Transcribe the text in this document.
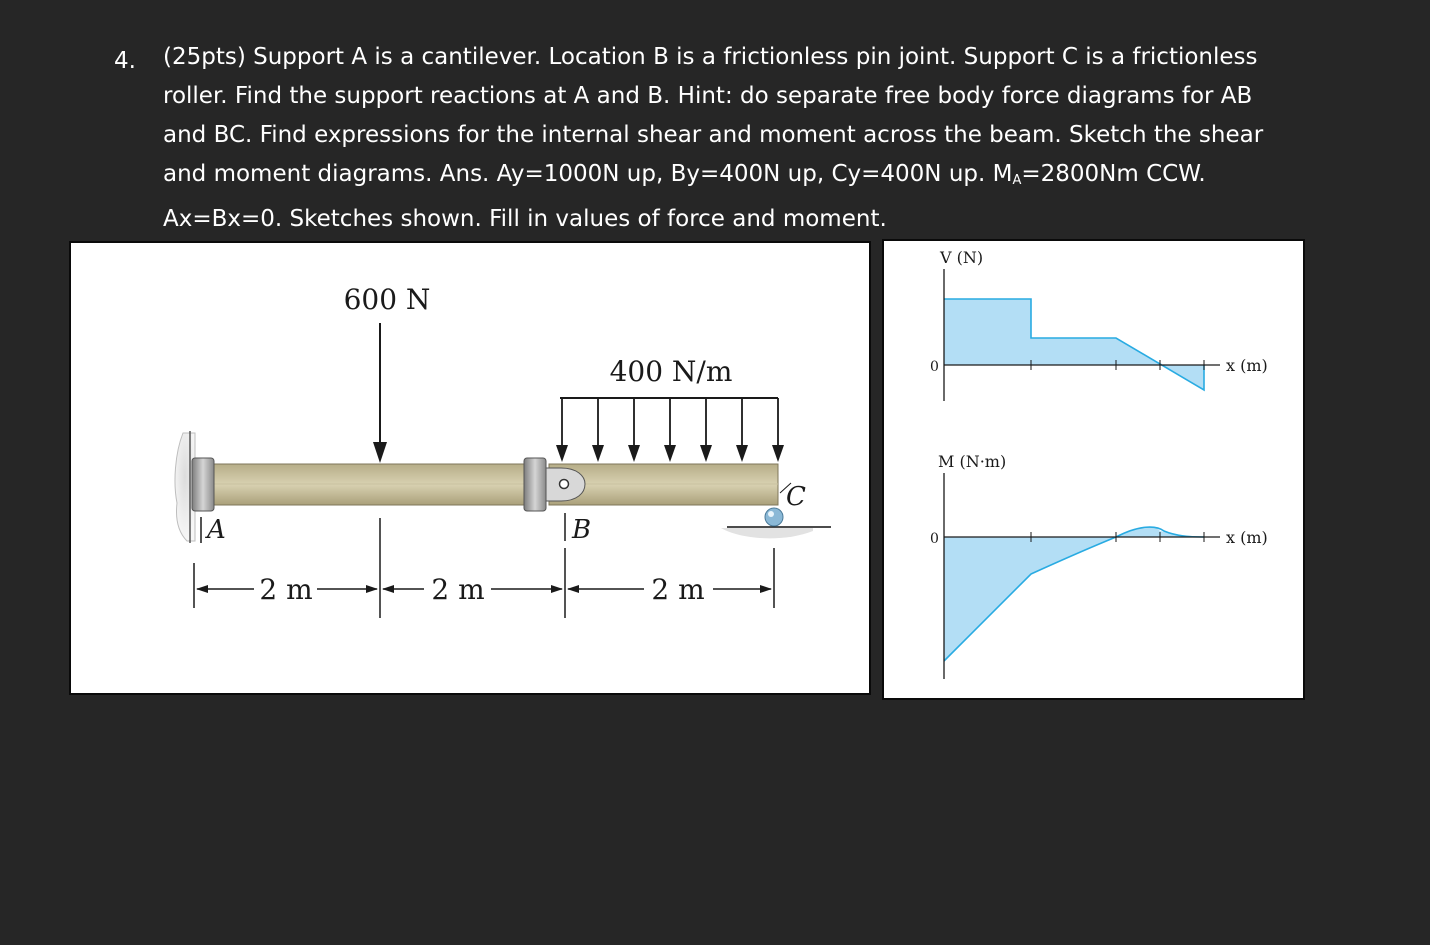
4. (25pts) Support A is a cantilever. Location B is a frictionless pin joint. Support C is a frictionless
roller. Find the support reactions at A and B. Hint: do separate free body force diagrams for AB
and BC. Find expressions for the internal shear and moment across the beam. Sketch the shear
and moment diagrams. Ans. Ay=1000N up, By=400N up, Cy=400N up. $M_A=2800Nm$ CCW.
Ax=Bx=0. Sketches shown. Fill in values of force and moment.
600 N
400 N/m
A	B
C
2 m	2 m	2 m
V (N)
0	x (m)
M (N·m)
0	x (m)
